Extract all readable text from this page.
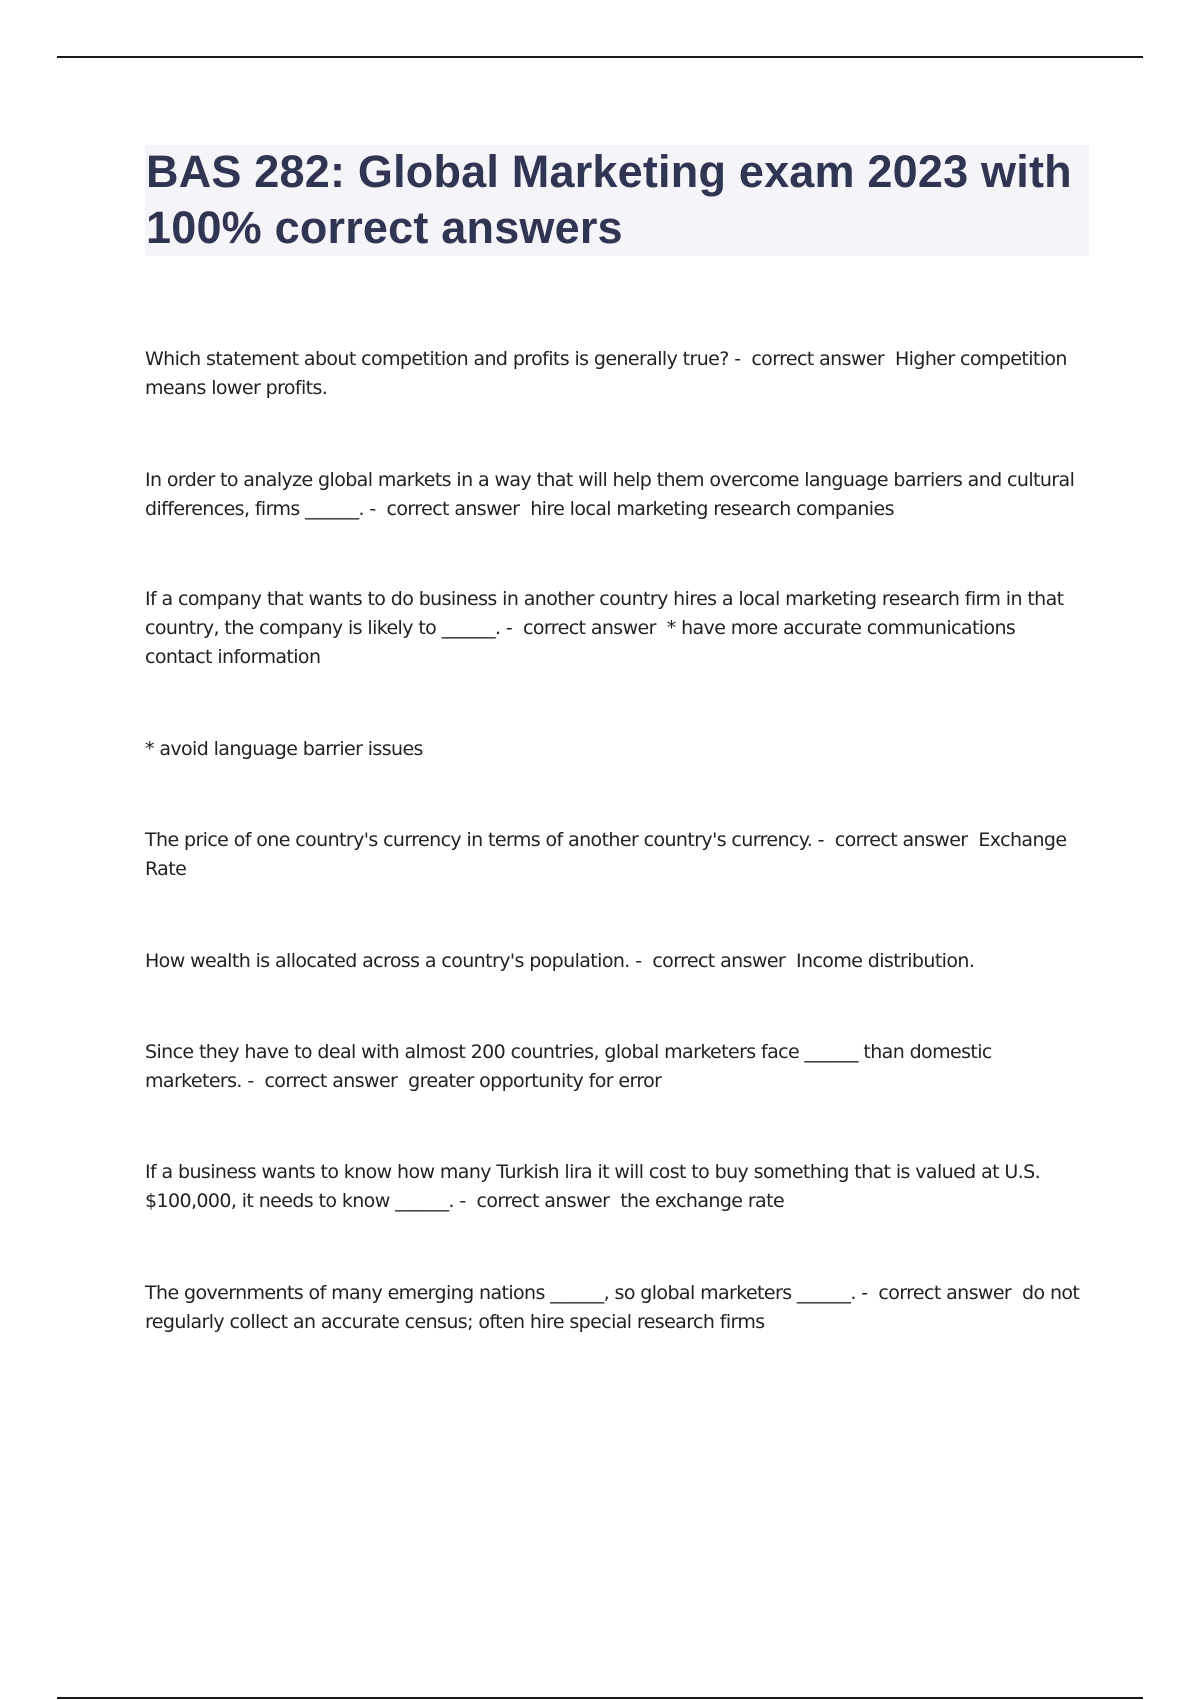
BAS 282: Global Marketing exam 2023 with 100% correct answers

Which statement about competition and profits is generally true? -  correct answer  Higher competition means lower profits.

In order to analyze global markets in a way that will help them overcome language barriers and cultural differences, firms ______. -  correct answer  hire local marketing research companies

If a company that wants to do business in another country hires a local marketing research firm in that country, the company is likely to ______. -  correct answer  * have more accurate communications contact information

* avoid language barrier issues

The price of one country's currency in terms of another country's currency. -  correct answer  Exchange Rate

How wealth is allocated across a country's population. -  correct answer  Income distribution.

Since they have to deal with almost 200 countries, global marketers face ______ than domestic marketers. -  correct answer  greater opportunity for error

If a business wants to know how many Turkish lira it will cost to buy something that is valued at U.S. $100,000, it needs to know ______. -  correct answer  the exchange rate

The governments of many emerging nations ______, so global marketers ______. -  correct answer  do not regularly collect an accurate census; often hire special research firms
